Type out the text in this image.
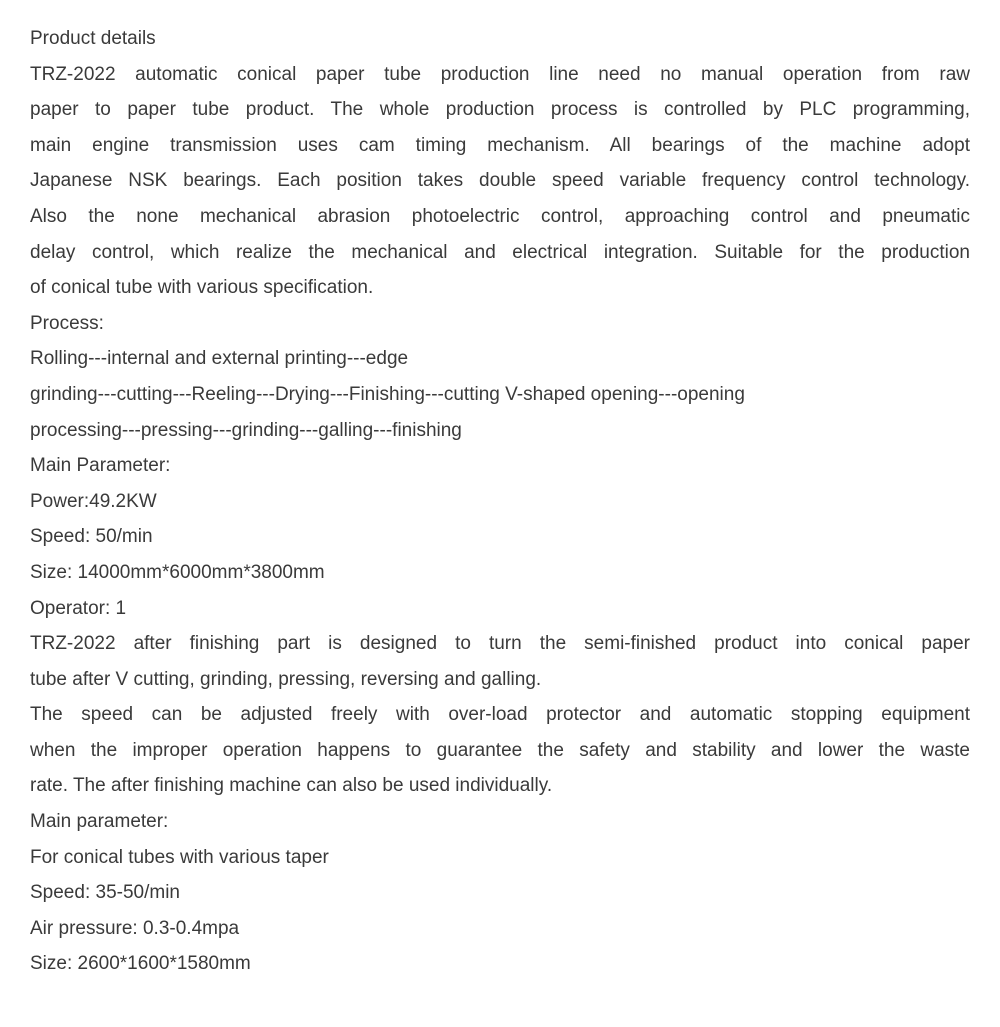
Product details
TRZ-2022 automatic conical paper tube production line need no manual operation from raw
paper to paper tube product. The whole production process is controlled by PLC programming,
main engine transmission uses cam timing mechanism. All bearings of the machine adopt
Japanese NSK bearings. Each position takes double speed variable frequency control technology.
Also the none mechanical abrasion photoelectric control, approaching control and pneumatic
delay control, which realize the mechanical and electrical integration. Suitable for the production
of conical tube with various specification.
Process:
Rolling---internal and external printing---edge
grinding---cutting---Reeling---Drying---Finishing---cutting V-shaped opening---opening
processing---pressing---grinding---galling---finishing
Main Parameter:
Power:49.2KW
Speed: 50/min
Size: 14000mm*6000mm*3800mm
Operator: 1
TRZ-2022 after finishing part is designed to turn the semi-finished product into conical paper
tube after V cutting, grinding, pressing, reversing and galling.
The speed can be adjusted freely with over-load protector and automatic stopping equipment
when the improper operation happens to guarantee the safety and stability and lower the waste
rate. The after finishing machine can also be used individually.
Main parameter:
For conical tubes with various taper
Speed: 35-50/min
Air pressure: 0.3-0.4mpa
Size: 2600*1600*1580mm
